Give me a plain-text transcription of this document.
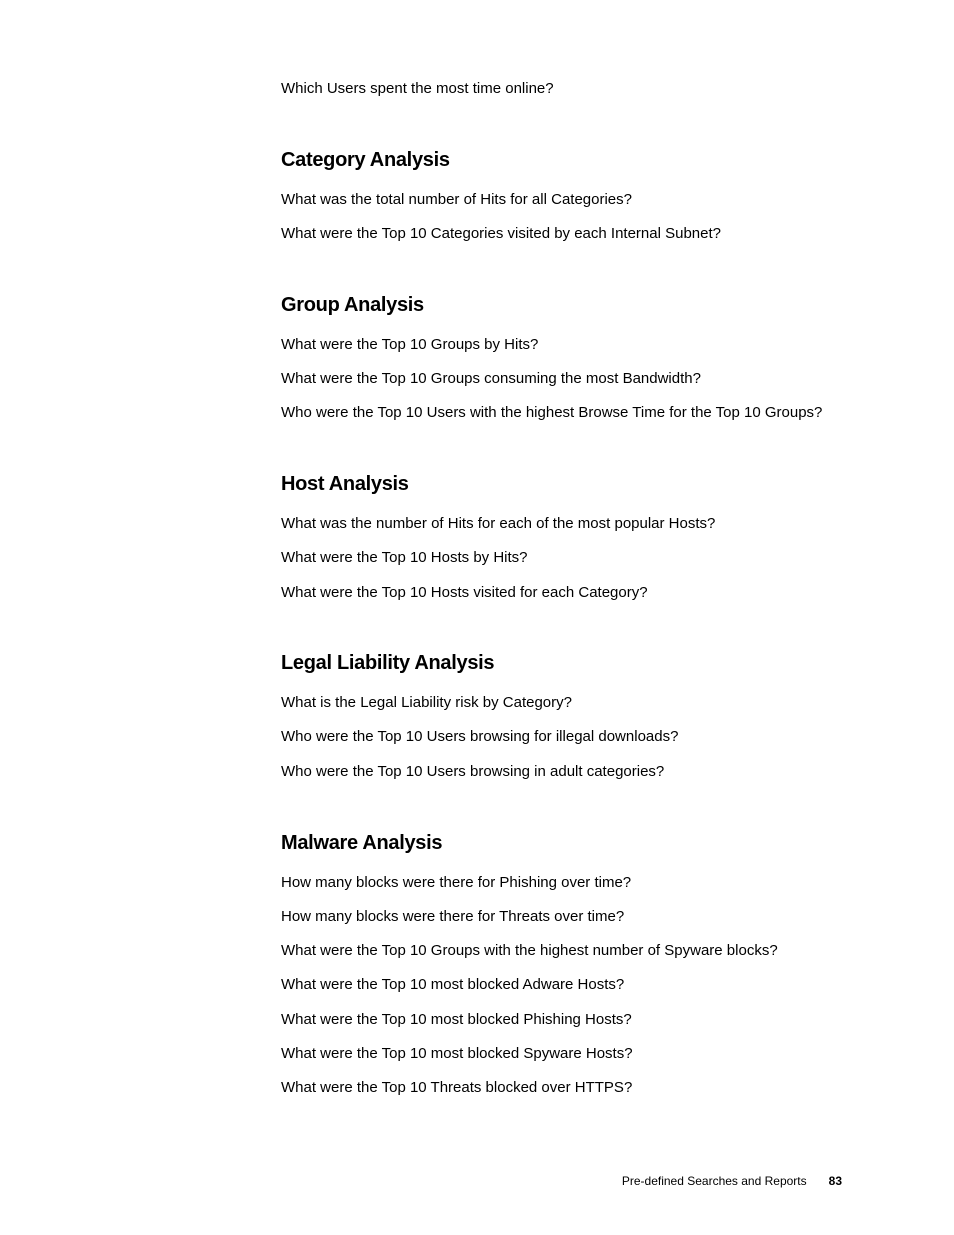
Which Users spent the most time online?

Category Analysis

What was the total number of Hits for all Categories?

What were the Top 10 Categories visited by each Internal Subnet?

Group Analysis

What were the Top 10 Groups by Hits?

What were the Top 10 Groups consuming the most Bandwidth?

Who were the Top 10 Users with the highest Browse Time for the Top 10 Groups?

Host Analysis

What was the number of Hits for each of the most popular Hosts?

What were the Top 10 Hosts by Hits?

What were the Top 10 Hosts visited for each Category?

Legal Liability Analysis

What is the Legal Liability risk by Category?

Who were the Top 10 Users browsing for illegal downloads?

Who were the Top 10 Users browsing in adult categories?

Malware Analysis

How many blocks were there for Phishing over time?

How many blocks were there for Threats over time?

What were the Top 10 Groups with the highest number of Spyware blocks?

What were the Top 10 most blocked Adware Hosts?

What were the Top 10 most blocked Phishing Hosts?

What were the Top 10 most blocked Spyware Hosts?

What were the Top 10 Threats blocked over HTTPS?

Pre-defined Searches and Reports 83
